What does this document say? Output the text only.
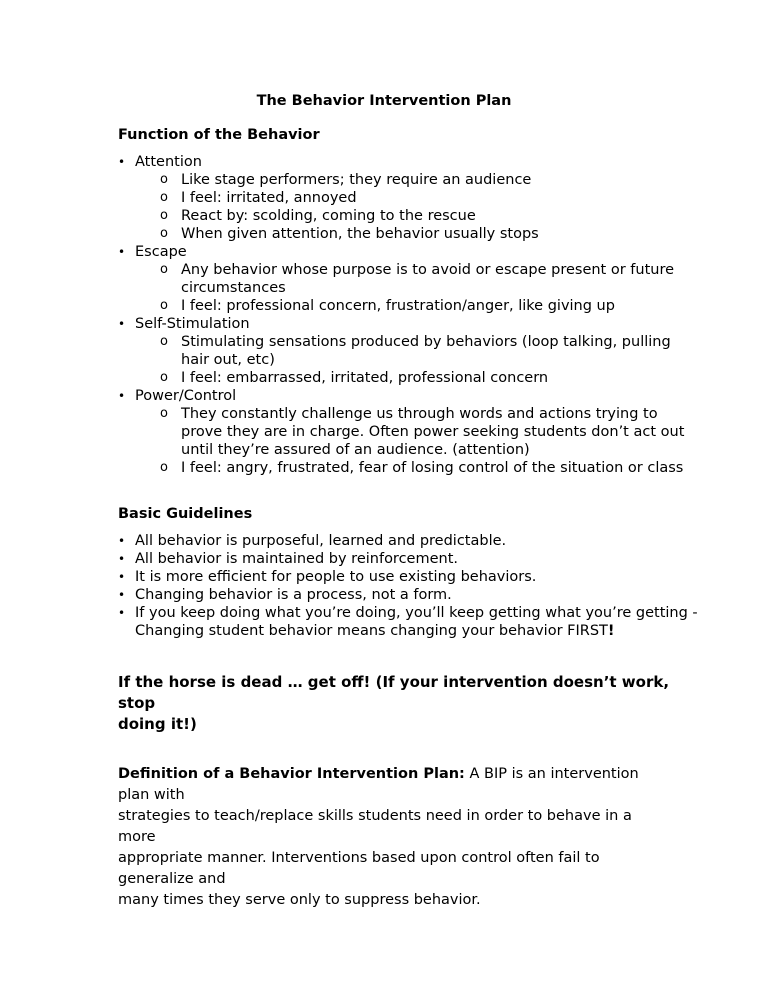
The Behavior Intervention Plan
Function of the Behavior
• Attention
o Like stage performers; they require an audience
o I feel: irritated, annoyed
o React by: scolding, coming to the rescue
o When given attention, the behavior usually stops
• Escape
o Any behavior whose purpose is to avoid or escape present or future
circumstances
o I feel: professional concern, frustration/anger, like giving up
• Self-Stimulation
o Stimulating sensations produced by behaviors (loop talking, pulling
hair out, etc)
o I feel: embarrassed, irritated, professional concern
• Power/Control
o They constantly challenge us through words and actions trying to
prove they are in charge. Often power seeking students don’t act out
until they’re assured of an audience. (attention)
o I feel: angry, frustrated, fear of losing control of the situation or class
Basic Guidelines
• All behavior is purposeful, learned and predictable.
• All behavior is maintained by reinforcement.
• It is more efficient for people to use existing behaviors.
• Changing behavior is a process, not a form.
• If you keep doing what you’re doing, you’ll keep getting what you’re getting -
Changing student behavior means changing your behavior FIRST!
If the horse is dead … get off! (If your intervention doesn’t work, stop
doing it!)
Definition of a Behavior Intervention Plan: A BIP is an intervention plan with
strategies to teach/replace skills students need in order to behave in a more
appropriate manner. Interventions based upon control often fail to generalize and
many times they serve only to suppress behavior.
